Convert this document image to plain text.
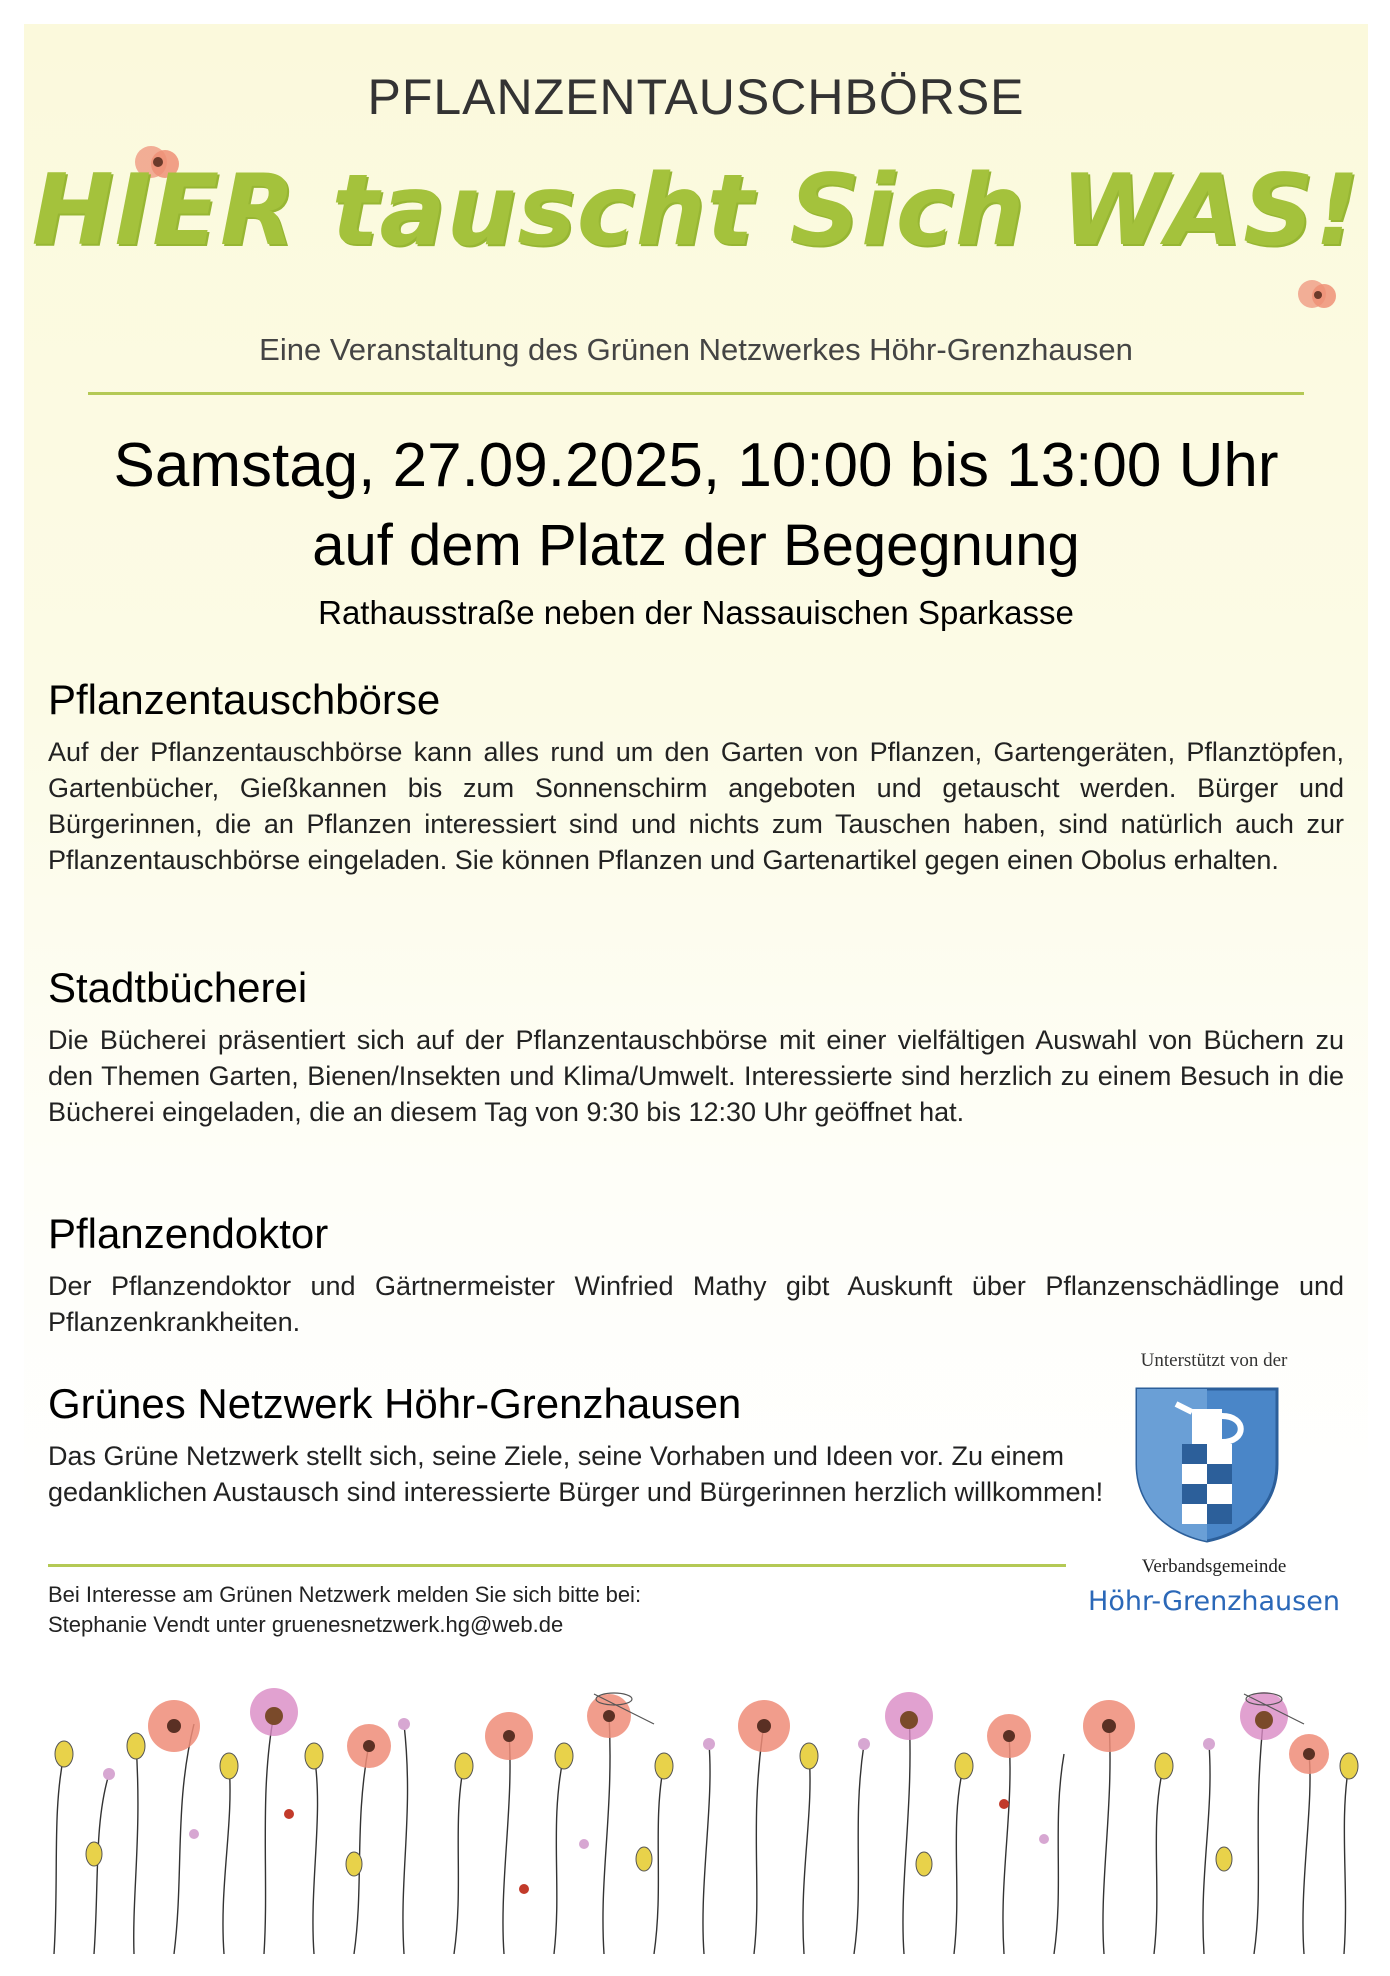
PFLANZENTAUSCHBÖRSE
HIER tauscht Sich WAS!
Eine Veranstaltung des Grünen Netzwerkes Höhr-Grenzhausen
Samstag, 27.09.2025, 10:00 bis 13:00 Uhr
auf dem Platz der Begegnung
Rathausstraße neben der Nassauischen Sparkasse
Pflanzentauschbörse

Auf der Pflanzentauschbörse kann alles rund um den Garten von Pflanzen, Gartengeräten, Pflanztöpfen, Gartenbücher, Gießkannen bis zum Sonnenschirm angeboten und getauscht werden. Bürger und Bürgerinnen, die an Pflanzen interessiert sind und nichts zum Tauschen haben, sind natürlich auch zur Pflanzentauschbörse eingeladen. Sie können Pflanzen und Gartenartikel gegen einen Obolus erhalten.

Stadtbücherei

Die Bücherei präsentiert sich auf der Pflanzentauschbörse mit einer vielfältigen Auswahl von Büchern zu den Themen Garten, Bienen/Insekten und Klima/Umwelt. Interessierte sind herzlich zu einem Besuch in die Bücherei eingeladen, die an diesem Tag von 9:30 bis 12:30 Uhr geöffnet hat.

Pflanzendoktor

Der Pflanzendoktor und Gärtnermeister Winfried Mathy gibt Auskunft über Pflanzenschädlinge und Pflanzenkrankheiten.

Grünes Netzwerk Höhr-Grenzhausen

Das Grüne Netzwerk stellt sich, seine Ziele, seine Vorhaben und Ideen vor. Zu einem gedanklichen Austausch sind interessierte Bürger und Bürgerinnen herzlich willkommen!

Unterstützt von der
Verbandsgemeinde
Höhr-Grenzhausen
Bei Interesse am Grünen Netzwerk melden Sie sich bitte bei:
Stephanie Vendt unter gruenesnetzwerk.hg@web.de
